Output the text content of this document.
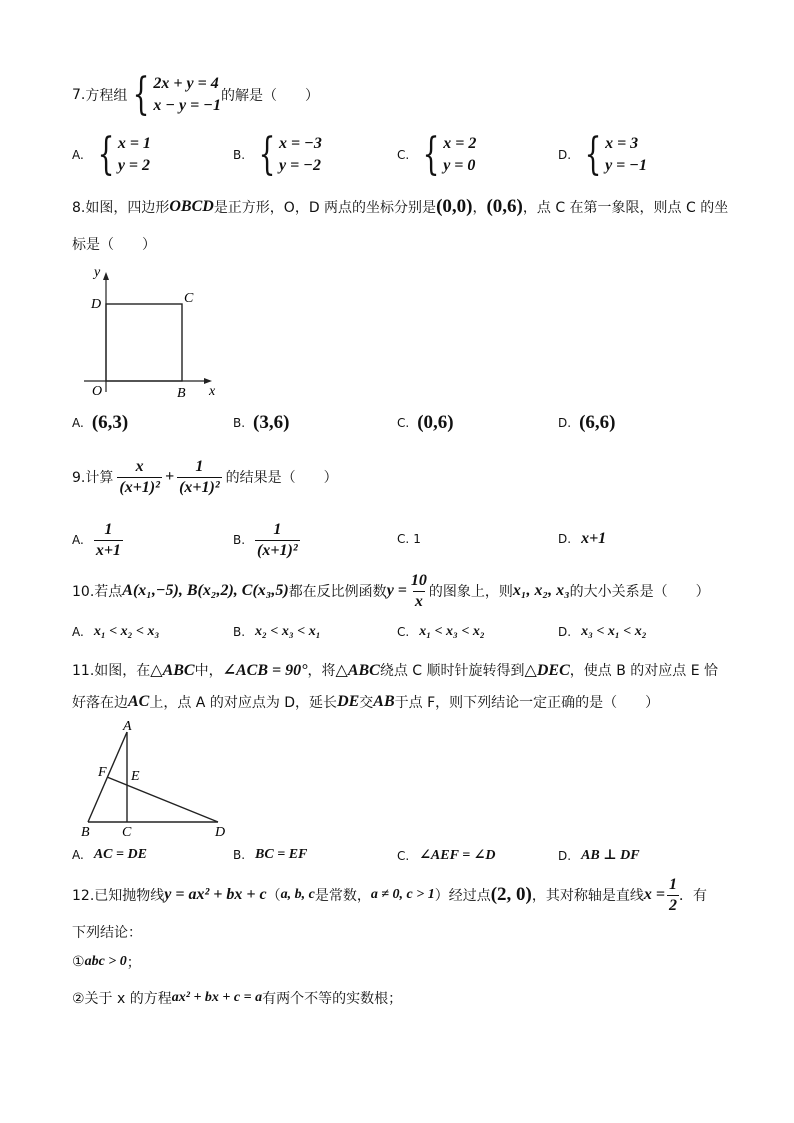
7. 方程组 { 2x + y = 4
x − y = −1
的解是（　　）
A. { x = 1
y = 2
B. { x = −3
y = −2
C. { x = 2
y = 0
D. { x = 3
y = −1
8.如图，四边形 OBCD 是正方形，O，D 两点的坐标分别是 (0,0) ， (0,6) ，点 C 在第一象限，则点 C 的坐
标是（　　）
y
D	C
O	B x
A. (6,3)	B. (3,6)	C. (0,6)	D. (6,6)
9.计算 $\frac{x}{\text{(x+1)²}} + \frac{1}{\text{(x+1)²}}$ 的结果是（　　）
A. $\frac{1}{x+1}$	B. $\frac{1}{\text{(x+1)²}}$	C. 1	D. x+1
10.若点 A(x₁,−5), B(x₂,2), C(x₃,5) 都在反比例函数 $y = \frac{10}{x}$ 的图象上，则 x₁, x₂, x₃ 的大小关系是（　　）
A. x₁ < x₂ < x₃	B. x₂ < x₃ < x₁	C. x₁ < x₃ < x₂	D. x₃ < x₁ < x₂
11.如图，在 △ABC 中， ∠ACB = 90° ，将 △ABC 绕点 C 顺时针旋转得到 △DEC ，使点 B 的对应点 E 恰
好落在边 AC 上，点 A 的对应点为 D，延长 DE 交 AB 于点 F，则下列结论一定正确的是（　　）
A
F E
B C	D
A. AC = DE	B. BC = EF	C. ∠AEF = ∠D	D. AB ⊥ DF
12.已知抛物线 y = ax² + bx + c （ a, b, c 是常数， a ≠ 0, c > 1 ）经过点 (2, 0) ，其对称轴是直线 $x = \frac{1}{2}$ ．有
下列结论：
① abc > 0 ；
②关于 x 的方程 ax² + bx + c = a 有两个不等的实数根；
